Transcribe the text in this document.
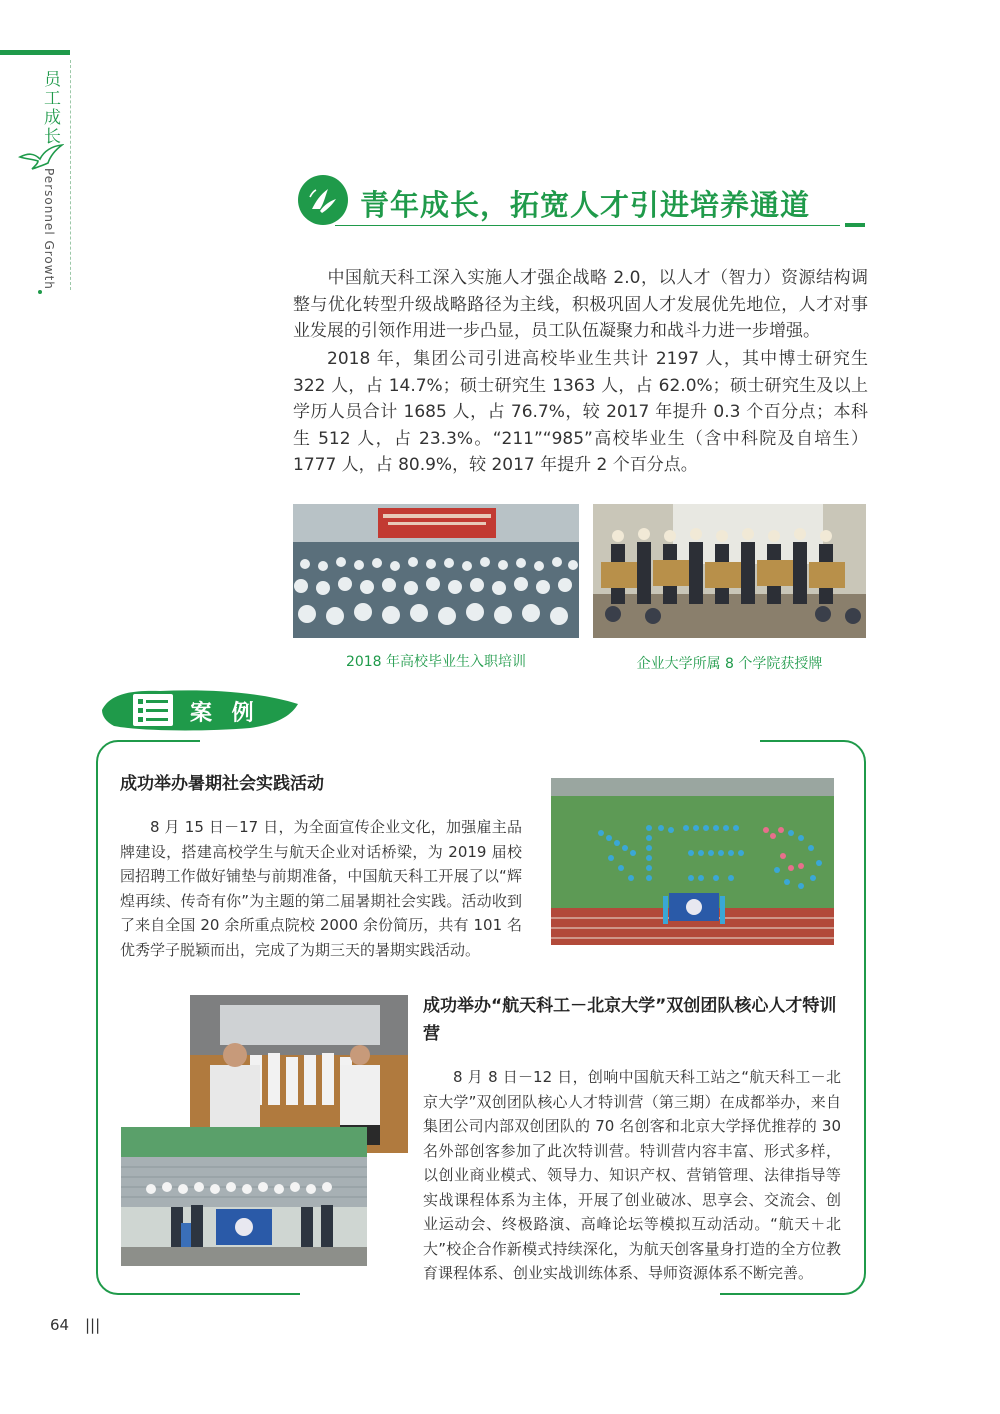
员工成长
Personnel Growth	青年成长，拓宽人才引进培养通道
中国航天科工深入实施人才强企战略 2.0，以人才（智力）资源结构调整与优化转型升级战略路径为主线，积极巩固人才发展优先地位，人才对事业发展的引领作用进一步凸显，员工队伍凝聚力和战斗力进一步增强。
2018 年，集团公司引进高校毕业生共计 2197 人，其中博士研究生 322 人，占 14.7%；硕士研究生 1363 人，占 62.0%；硕士研究生及以上学历人员合计 1685 人，占 76.7%，较 2017 年提升 0.3 个百分点；本科生 512 人，占 23.3%。“211”“985”高校毕业生（含中科院及自培生）1777 人，占 80.9%，较 2017 年提升 2 个百分点。
2018 年高校毕业生入职培训	企业大学所属 8 个学院获授牌
案 例
成功举办暑期社会实践活动
8 月 15 日－17 日，为全面宣传企业文化，加强雇主品牌建设，搭建高校学生与航天企业对话桥梁，为 2019 届校园招聘工作做好铺垫与前期准备，中国航天科工开展了以“辉煌再续、传奇有你”为主题的第二届暑期社会实践。活动收到了来自全国 20 余所重点院校 2000 余份简历，共有 101 名优秀学子脱颖而出，完成了为期三天的暑期实践活动。
成功举办“航天科工－北京大学”双创团队核心人才特训营
8 月 8 日－12 日，创响中国航天科工站之“航天科工－北京大学”双创团队核心人才特训营（第三期）在成都举办，来自集团公司内部双创团队的 70 名创客和北京大学择优推荐的 30 名外部创客参加了此次特训营。特训营内容丰富、形式多样，以创业商业模式、领导力、知识产权、营销管理、法律指导等实战课程体系为主体，开展了创业破冰、思享会、交流会、创业运动会、终极路演、高峰论坛等模拟互动活动。“航天＋北大”校企合作新模式持续深化，为航天创客量身打造的全方位教育课程体系、创业实战训练体系、导师资源体系不断完善。
64 |||
